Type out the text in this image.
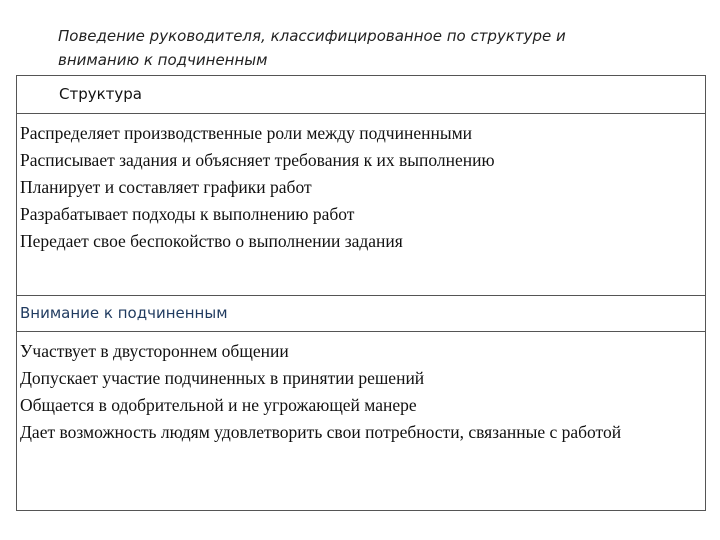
Поведение руководителя, классифицированное по структуре и
вниманию к подчиненным
Структура
Распределяет производственные роли между подчиненными
Расписывает задания и объясняет требования к их выполнению
Планирует и составляет графики работ
Разрабатывает подходы к выполнению работ
Передает свое беспокойство о выполнении задания
Внимание к подчиненным
Участвует в двустороннем общении
Допускает участие подчиненных в принятии решений
Общается в одобрительной и не угрожающей манере
Дает возможность людям удовлетворить свои потребности, связанные с работой
